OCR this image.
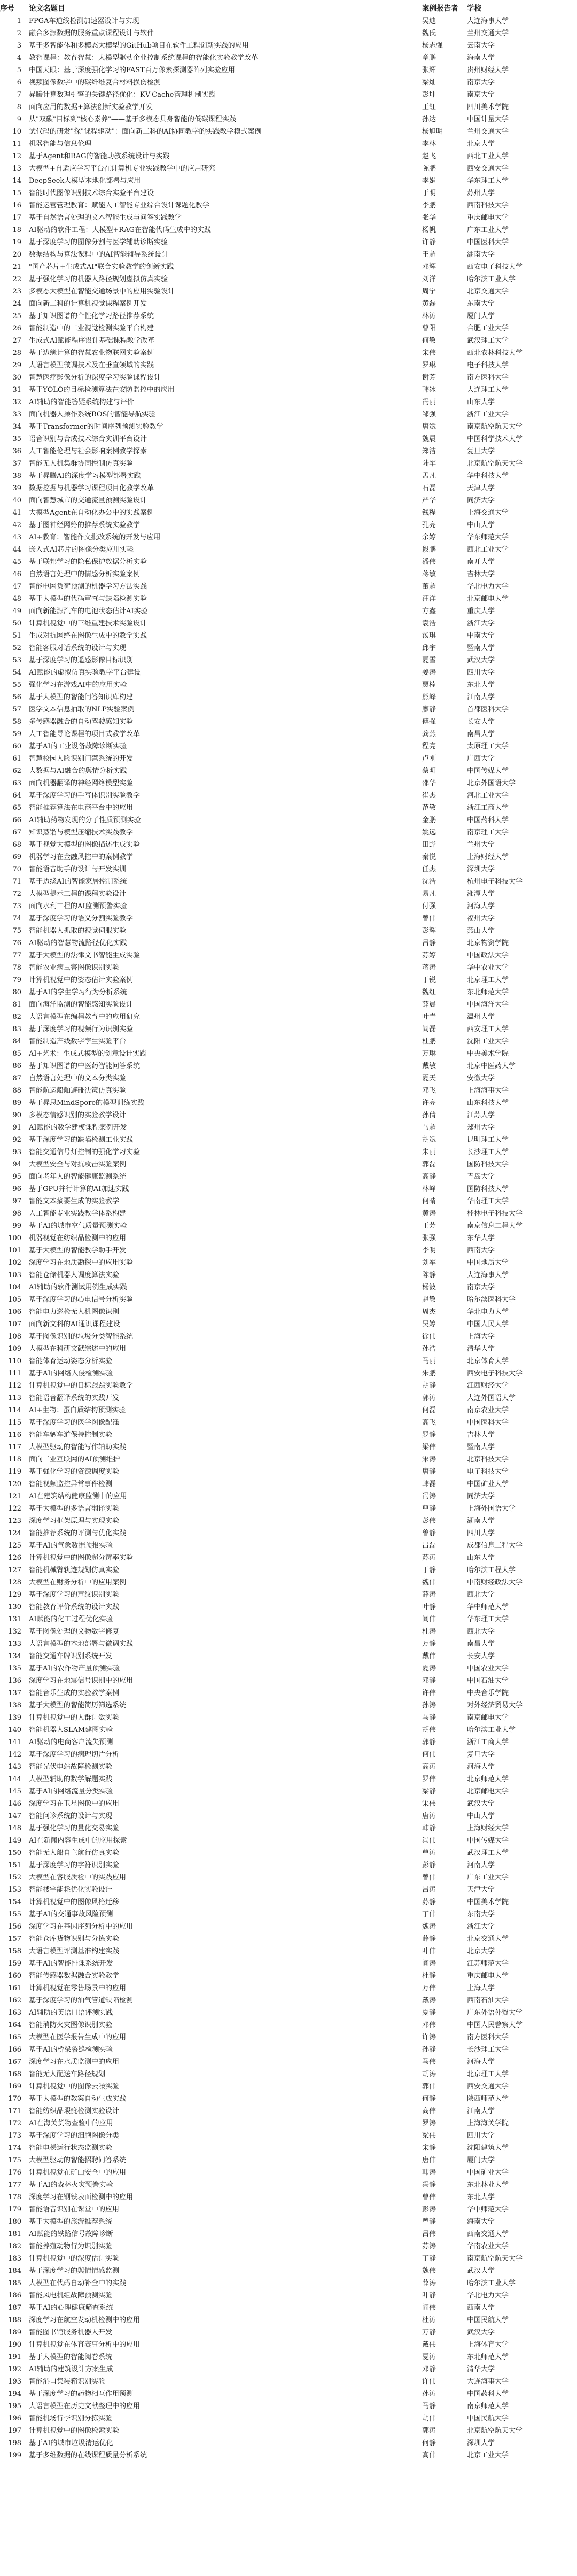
序号	论文名题目	案例报告者	学校
1	FPGA车道线检测加速器设计与实现	吴迪	大连海事大学
2	融合多源数据的服务重点课程设计与软件	魏氏	兰州交通大学
3	基于多智能体和多模态大模型的GitHub项目在软件工程创新实践的应用	杨志强	云南大学
4	教智课程：教育智慧：大模型驱动企业控制系统课程的智能化实验教学改革	章鹏	海南大学
5	中国天眼：基于深度强化学习的FAST百万像素探测器阵列实验应用	张辉	贵州财经大学
6	视频图像数字中的碳纤维复合材料损伤检测	梁灿	南京大学
7	昇腾计算数理引擎的关键路径优化：KV-Cache管理机制实践	彭坤	南京大学
8	面向应用的数据+算法创新实验教学开发	王红	四川美术学院
9	从"双碳"目标到"核心素养"——基于多模态具身智能的低碳课程实践	孙达	中国计量大学
10	试代码的研发"探"课程驱动"：面向新工科的AI协同教学的实践教学模式案例	杨旭明	兰州交通大学
11	机器智能与信息伦理	李林	北京大学
12	基于Agent和RAG的智能助教系统设计与实践	赵飞	西北工业大学
13	大模型+自适应学习平台在计算机专业实践教学中的应用研究	陈鹏	西安交通大学
14	DeepSeek大模型本地化部署与应用	李娟	华东理工大学
15	智能时代图像识别技术综合实验平台建设	于明	苏州大学
16	智能运营管理教育：赋能人工智能专业综合设计课题化教学	李鹏	西南科技大学
17	基于自然语言处理的文本智能生成与问答实践教学	张华	重庆邮电大学
18	AI驱动的软件工程：大模型+RAG在智能代码生成中的实践	杨帆	广东工业大学
19	基于深度学习的图像分割与医学辅助诊断实验	许静	中国医科大学
20	数据结构与算法课程中的AI智能辅导系统设计	王超	湖南大学
21	"国产芯片+生成式AI"联合实验教学的创新实践	邓辉	西安电子科技大学
22	基于强化学习的机器人路径规划虚拟仿真实验	刘洋	哈尔滨工业大学
23	多模态大模型在智能交通场景中的应用实验设计	周宁	北京交通大学
24	面向新工科的计算机视觉课程案例开发	黄磊	东南大学
25	基于知识图谱的个性化学习路径推荐系统	林涛	厦门大学
26	智能制造中的工业视觉检测实验平台构建	曹阳	合肥工业大学
27	生成式AI赋能程序设计基础课程教学改革	何敏	武汉理工大学
28	基于边缘计算的智慧农业物联网实验案例	宋伟	西北农林科技大学
29	大语言模型微调技术及在垂直领域的实践	罗琳	电子科技大学
30	智慧医疗影像分析的深度学习实验课程设计	谢芳	南方医科大学
31	基于YOLO的目标检测算法在安防监控中的应用	韩冰	大连理工大学
32	AI辅助的智能答疑系统构建与评价	冯丽	山东大学
33	面向机器人操作系统ROS的智能导航实验	邹强	浙江工业大学
34	基于Transformer的时间序列预测实验教学	唐斌	南京航空航天大学
35	语音识别与合成技术综合实训平台设计	魏晨	中国科学技术大学
36	人工智能伦理与社会影响案例教学探索	郑洁	复旦大学
37	智能无人机集群协同控制仿真实验	陆军	北京航空航天大学
38	基于昇腾AI的深度学习模型部署实践	孟凡	华中科技大学
39	数据挖掘与机器学习课程项目化教学改革	石磊	天津大学
40	面向智慧城市的交通流量预测实验设计	严华	同济大学
41	大模型Agent在自动化办公中的实践案例	钱程	上海交通大学
42	基于图神经网络的推荐系统实验教学	孔亮	中山大学
43	AI+教育：智能作文批改系统的开发与应用	余婷	华东师范大学
44	嵌入式AI芯片的图像分类应用实验	段鹏	西北工业大学
45	基于联邦学习的隐私保护数据分析实验	潘伟	南开大学
46	自然语言处理中的情感分析实验案例	蒋敏	吉林大学
47	智能电网负荷预测的机器学习方法实践	董超	华北电力大学
48	基于大模型的代码审查与缺陷检测实验	汪洋	北京邮电大学
49	面向新能源汽车的电池状态估计AI实验	方鑫	重庆大学
50	计算机视觉中的三维重建技术实验设计	袁浩	浙江大学
51	生成对抗网络在图像生成中的教学实践	汤琪	中南大学
52	智能客服对话系统的设计与实现	邱宇	暨南大学
53	基于深度学习的遥感影像目标识别	夏雪	武汉大学
54	AI赋能的虚拟仿真实验教学平台建设	姜涛	四川大学
55	强化学习在游戏AI中的应用实验	贾楠	东北大学
56	基于大模型的智能问答知识库构建	熊峰	江南大学
57	医学文本信息抽取的NLP实验案例	廖静	首都医科大学
58	多传感器融合的自动驾驶感知实验	傅强	长安大学
59	人工智能导论课程的项目式教学改革	龚燕	南昌大学
60	基于AI的工业设备故障诊断实验	程亮	太原理工大学
61	智慧校园人脸识别门禁系统的开发	卢刚	广西大学
62	大数据与AI融合的舆情分析实践	蔡明	中国传媒大学
63	面向机器翻译的神经网络模型实验	邵华	北京外国语大学
64	基于深度学习的手写体识别实验教学	崔杰	河北工业大学
65	智能推荐算法在电商平台中的应用	范敏	浙江工商大学
66	AI辅助药物发现的分子性质预测实验	金鹏	中国药科大学
67	知识蒸馏与模型压缩技术实践教学	姚远	南京理工大学
68	基于视觉大模型的图像描述生成实验	田野	兰州大学
69	机器学习在金融风控中的案例教学	秦悦	上海财经大学
70	智能语音助手的设计与开发实训	任杰	深圳大学
71	基于边缘AI的智能家居控制系统	沈浩	杭州电子科技大学
72	大模型提示工程的课程实验设计	易凡	湘潭大学
73	面向水利工程的AI监测预警实验	付强	河海大学
74	基于深度学习的语义分割实验教学	曾伟	福州大学
75	智能机器人抓取的视觉伺服实验	彭辉	燕山大学
76	AI驱动的智慧物流路径优化实践	吕静	北京物资学院
77	基于大模型的法律文书智能生成实验	苏婷	中国政法大学
78	智能农业病虫害图像识别实验	蒋涛	华中农业大学
79	计算机视觉中的姿态估计实验案例	丁锐	北京理工大学
80	基于AI的学生学习行为分析系统	魏红	东北师范大学
81	面向海洋监测的智能感知实验设计	薛晨	中国海洋大学
82	大语言模型在编程教育中的应用研究	叶青	温州大学
83	基于深度学习的视频行为识别实验	阎磊	西安理工大学
84	智能制造产线数字孪生实验平台	杜鹏	沈阳工业大学
85	AI+艺术：生成式模型的创意设计实践	万琳	中央美术学院
86	基于知识图谱的中医药智能问答系统	戴敏	北京中医药大学
87	自然语言处理中的文本分类实验	夏天	安徽大学
88	智能航运船舶避碰决策仿真实验	邓飞	上海海事大学
89	基于昇思MindSpore的模型训练实践	许亮	山东科技大学
90	多模态情感识别的实验教学设计	孙倩	江苏大学
91	AI赋能的数学建模课程案例开发	马超	郑州大学
92	基于深度学习的缺陷检测工业实践	胡斌	昆明理工大学
93	智能交通信号灯控制的强化学习实验	朱丽	长沙理工大学
94	大模型安全与对抗攻击实验案例	郭磊	国防科技大学
95	面向老年人的智能健康监测系统	高静	青岛大学
96	基于GPU并行计算的AI加速实践	林峰	国防科技大学
97	智能文本摘要生成的实验教学	何晴	华南理工大学
98	人工智能专业实践教学体系构建	黄涛	桂林电子科技大学
99	基于AI的城市空气质量预测实验	王芳	南京信息工程大学
100	机器视觉在纺织品检测中的应用	张强	东华大学
101	基于大模型的智能教学助手开发	李明	西南大学
102	深度学习在地质勘探中的应用实验	刘军	中国地质大学
103	智能仓储机器人调度算法实验	陈静	大连海事大学
104	AI辅助的软件测试用例生成实践	杨波	南京大学
105	基于深度学习的心电信号分析实验	赵敏	哈尔滨医科大学
106	智能电力巡检无人机图像识别	周杰	华北电力大学
107	面向新文科的AI通识课程建设	吴婷	中国人民大学
108	基于图像识别的垃圾分类智能系统	徐伟	上海大学
109	大模型在科研文献综述中的应用	孙浩	清华大学
110	智能体育运动姿态分析实验	马丽	北京体育大学
111	基于AI的网络入侵检测实验	朱鹏	西安电子科技大学
112	计算机视觉中的目标跟踪实验教学	胡静	江西财经大学
113	智能语音翻译系统的实践开发	郭涛	大连外国语大学
114	AI+生物：蛋白质结构预测实验	何磊	南京农业大学
115	基于深度学习的医学图像配准	高飞	中国医科大学
116	智能车辆车道保持控制实验	罗静	吉林大学
117	大模型驱动的智能写作辅助实践	梁伟	暨南大学
118	面向工业互联网的AI预测维护	宋涛	北京科技大学
119	基于强化学习的资源调度实验	唐静	电子科技大学
120	智能视频监控异常事件检测	韩磊	中国矿业大学
121	AI在建筑结构健康监测中的应用	冯涛	同济大学
122	基于大模型的多语言翻译实验	曹静	上海外国语大学
123	深度学习框架原理与实现实验	彭伟	湖南大学
124	智能推荐系统的评测与优化实践	曾静	四川大学
125	基于AI的气象数据预报实验	吕磊	成都信息工程大学
126	计算机视觉中的图像超分辨率实验	苏涛	山东大学
127	智能机械臂轨迹规划仿真实验	丁静	哈尔滨工程大学
128	大模型在财务分析中的应用案例	魏伟	中南财经政法大学
129	基于深度学习的声纹识别实验	薛涛	西北大学
130	智能教育评价系统的设计实践	叶静	华中师范大学
131	AI赋能的化工过程优化实验	阎伟	华东理工大学
132	基于图像处理的文物数字修复	杜涛	西北大学
133	大语言模型的本地部署与微调实践	万静	南昌大学
134	智能交通车牌识别系统开发	戴伟	长安大学
135	基于AI的农作物产量预测实验	夏涛	中国农业大学
136	深度学习在地震信号识别中的应用	邓静	中国石油大学
137	智能音乐生成的实验教学案例	许伟	中央音乐学院
138	基于大模型的智能简历筛选系统	孙涛	对外经济贸易大学
139	计算机视觉中的人群计数实验	马静	南京邮电大学
140	智能机器人SLAM建图实验	胡伟	哈尔滨工业大学
141	AI驱动的电商客户流失预测	郭静	浙江工商大学
142	基于深度学习的病理切片分析	何伟	复旦大学
143	智能光伏电站故障检测实验	高涛	河海大学
144	大模型辅助的数学解题实践	罗伟	北京师范大学
145	基于AI的网络流量分类实验	梁静	北京邮电大学
146	深度学习在卫星图像中的应用	宋伟	武汉大学
147	智能问诊系统的设计与实现	唐涛	中山大学
148	基于强化学习的量化交易实验	韩静	上海财经大学
149	AI在新闻内容生成中的应用探索	冯伟	中国传媒大学
150	智能无人船自主航行仿真实验	曹涛	武汉理工大学
151	基于深度学习的字符识别实验	彭静	河南大学
152	大模型在客服质检中的实践应用	曾伟	广东工业大学
153	智能楼宇能耗优化实验设计	吕涛	天津大学
154	计算机视觉中的图像风格迁移	苏静	中国美术学院
155	基于AI的交通事故风险预测	丁伟	东南大学
156	深度学习在基因序列分析中的应用	魏涛	浙江大学
157	智能仓库货物识别与分拣实验	薛静	北京交通大学
158	大语言模型评测基准构建实践	叶伟	北京大学
159	基于AI的智能排课系统开发	阎涛	江苏师范大学
160	智能传感器数据融合实验教学	杜静	重庆邮电大学
161	计算机视觉在零售场景中的应用	万伟	上海大学
162	基于深度学习的油气管道缺陷检测	戴涛	西南石油大学
163	AI辅助的英语口语评测实践	夏静	广东外语外贸大学
164	智能消防火灾图像识别实验	邓伟	中国人民警察大学
165	大模型在医学报告生成中的应用	许涛	南方医科大学
166	基于AI的桥梁裂缝检测实验	孙静	长沙理工大学
167	深度学习在水质监测中的应用	马伟	河海大学
168	智能无人配送车路径规划	胡涛	北京理工大学
169	计算机视觉中的图像去噪实验	郭伟	西安交通大学
170	基于大模型的教案自动生成实践	何静	陕西师范大学
171	智能纺织品瑕疵检测实验设计	高伟	江南大学
172	AI在海关货物查验中的应用	罗涛	上海海关学院
173	基于深度学习的细胞图像分类	梁伟	四川大学
174	智能电梯运行状态监测实验	宋静	沈阳建筑大学
175	大模型驱动的智能招聘问答系统	唐伟	厦门大学
176	计算机视觉在矿山安全中的应用	韩涛	中国矿业大学
177	基于AI的森林火灾预警实验	冯静	东北林业大学
178	深度学习在钢铁表面检测中的应用	曹伟	东北大学
179	智能语音识别在课堂中的应用	彭涛	华中师范大学
180	基于大模型的旅游推荐系统	曾静	海南大学
181	AI赋能的铁路信号故障诊断	吕伟	西南交通大学
182	智能养殖动物行为识别实验	苏涛	华南农业大学
183	计算机视觉中的深度估计实验	丁静	南京航空航天大学
184	基于深度学习的舆情情感监测	魏伟	武汉大学
185	大模型在代码自动补全中的实践	薛涛	哈尔滨工业大学
186	智能风电机组故障预测实验	叶静	华北电力大学
187	基于AI的心理健康筛查系统	阎伟	西南大学
188	深度学习在航空发动机检测中的应用	杜涛	中国民航大学
189	智能图书馆服务机器人开发	万静	武汉大学
190	计算机视觉在体育赛事分析中的应用	戴伟	上海体育大学
191	基于大模型的智能阅卷系统	夏涛	东北师范大学
192	AI辅助的建筑设计方案生成	邓静	清华大学
193	智能港口集装箱识别实验	许伟	大连海事大学
194	基于深度学习的药物相互作用预测	孙涛	中国药科大学
195	大语言模型在历史文献整理中的应用	马静	南京师范大学
196	智能机场行李识别分拣实验	胡伟	中国民航大学
197	计算机视觉中的图像检索实验	郭涛	北京航空航天大学
198	基于AI的城市垃圾清运优化	何静	深圳大学
199	基于多维数据的在线课程质量分析系统	高伟	北京工业大学
